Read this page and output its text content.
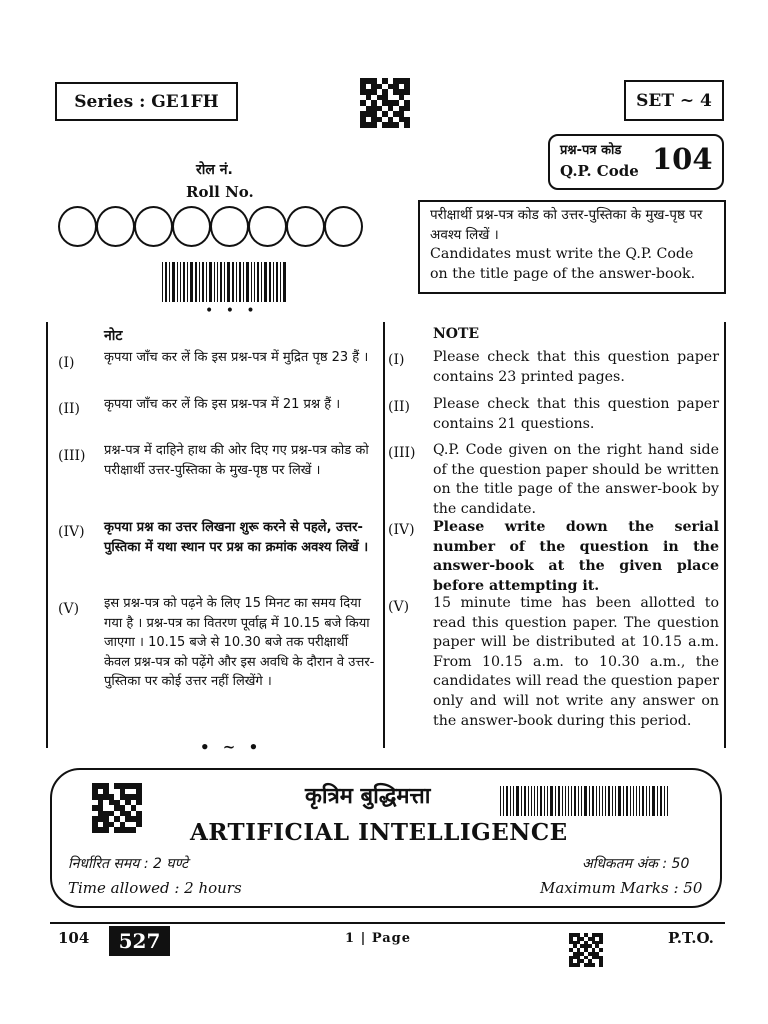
Series : GE1FH	SET ~ 4
प्रश्न-पत्र कोड
Q.P. Code 104
रोल नं.
Roll No.
• • •
परीक्षार्थी प्रश्न-पत्र कोड को उत्तर-पुस्तिका के मुख-पृष्ठ पर अवश्य लिखें ।
Candidates must write the Q.P. Code on the title page of the answer-book.
नोट	NOTE
(I) कृपया जाँच कर लें कि इस प्रश्न-पत्र में मुद्रित पृष्ठ 23 हैं ।
(II) कृपया जाँच कर लें कि इस प्रश्न-पत्र में 21 प्रश्न हैं ।
(III) प्रश्न-पत्र में दाहिने हाथ की ओर दिए गए प्रश्न-पत्र कोड को परीक्षार्थी उत्तर-पुस्तिका के मुख-पृष्ठ पर लिखें ।
(IV) कृपया प्रश्न का उत्तर लिखना शुरू करने से पहले, उत्तर-पुस्तिका में यथा स्थान पर प्रश्न का क्रमांक अवश्य लिखें ।
(V) इस प्रश्न-पत्र को पढ़ने के लिए 15 मिनट का समय दिया गया है । प्रश्न-पत्र का वितरण पूर्वाह्न में 10.15 बजे किया जाएगा । 10.15 बजे से 10.30 बजे तक परीक्षार्थी केवल प्रश्न-पत्र को पढ़ेंगे और इस अवधि के दौरान वे उत्तर-पुस्तिका पर कोई उत्तर नहीं लिखेंगे ।
(I) Please check that this question paper contains 23 printed pages.
(II) Please check that this question paper contains 21 questions.
(III) Q.P. Code given on the right hand side of the question paper should be written on the title page of the answer-book by the candidate.
(IV) Please write down the serial number of the question in the answer-book at the given place before attempting it.
(V) 15 minute time has been allotted to read this question paper. The question paper will be distributed at 10.15 a.m. From 10.15 a.m. to 10.30 a.m., the candidates will read the question paper only and will not write any answer on the answer-book during this period.
• ~ •
कृत्रिम बुद्धिमत्ता
ARTIFICIAL INTELLIGENCE
निर्धारित समय : 2 घण्टे
Time allowed : 2 hours
अधिकतम अंक : 50
Maximum Marks : 50
104	527	1 | Page	P.T.O.
